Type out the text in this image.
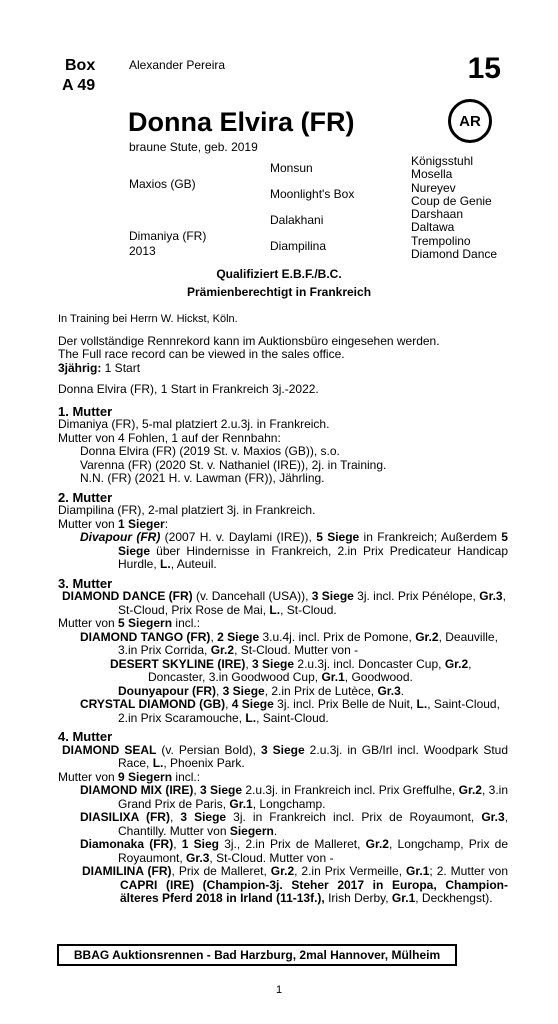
Box
A 49
Alexander Pereira	15
Donna Elvira (FR)	AR
braune Stute, geb. 2019
Maxios (GB)
Dimaniya (FR)
2013
Monsun
Moonlight's Box
Dalakhani
Diampilina
Königsstuhl
Mosella
Nureyev
Coup de Genie
Darshaan
Daltawa
Trempolino
Diamond Dance
Qualifiziert E.B.F./B.C.
Prämienberechtigt in Frankreich

In Training bei Herrn W. Hickst, Köln.

Der vollständige Rennrekord kann im Auktionsbüro eingesehen werden.

The Full race record can be viewed in the sales office.

3jährig: 1 Start

Donna Elvira (FR), 1 Start in Frankreich 3j.-2022.

1. Mutter

Dimaniya (FR), 5-mal platziert 2.u.3j. in Frankreich.

Mutter von 4 Fohlen, 1 auf der Rennbahn:

Donna Elvira (FR) (2019 St. v. Maxios (GB)), s.o.

Varenna (FR) (2020 St. v. Nathaniel (IRE)), 2j. in Training.

N.N. (FR) (2021 H. v. Lawman (FR)), Jährling.

2. Mutter

Diampilina (FR), 2-mal platziert 3j. in Frankreich.

Mutter von 1 Sieger:

Divapour (FR) (2007 H. v. Daylami (IRE)), 5 Siege in Frankreich; Außerdem 5 Siege über Hindernisse in Frankreich, 2.in Prix Predicateur Handicap Hurdle, L., Auteuil.

3. Mutter

DIAMOND DANCE (FR) (v. Dancehall (USA)), 3 Siege 3j. incl. Prix Pénélope, Gr.3, St-Cloud, Prix Rose de Mai, L., St-Cloud.

Mutter von 5 Siegern incl.:

DIAMOND TANGO (FR), 2 Siege 3.u.4j. incl. Prix de Pomone, Gr.2, Deauville, 3.in Prix Corrida, Gr.2, St-Cloud. Mutter von -

DESERT SKYLINE (IRE), 3 Siege 2.u.3j. incl. Doncaster Cup, Gr.2, Doncaster, 3.in Goodwood Cup, Gr.1, Goodwood.

Dounyapour (FR), 3 Siege, 2.in Prix de Lutèce, Gr.3.

CRYSTAL DIAMOND (GB), 4 Siege 3j. incl. Prix Belle de Nuit, L., Saint-Cloud, 2.in Prix Scaramouche, L., Saint-Cloud.

4. Mutter

DIAMOND SEAL (v. Persian Bold), 3 Siege 2.u.3j. in GB/Irl incl. Woodpark Stud Race, L., Phoenix Park.

Mutter von 9 Siegern incl.:

DIAMOND MIX (IRE), 3 Siege 2.u.3j. in Frankreich incl. Prix Greffulhe, Gr.2, 3.in Grand Prix de Paris, Gr.1, Longchamp.

DIASILIXA (FR), 3 Siege 3j. in Frankreich incl. Prix de Royaumont, Gr.3, Chantilly. Mutter von Siegern.

Diamonaka (FR), 1 Sieg 3j., 2.in Prix de Malleret, Gr.2, Longchamp, Prix de Royaumont, Gr.3, St-Cloud. Mutter von -

DIAMILINA (FR), Prix de Malleret, Gr.2, 2.in Prix Vermeille, Gr.1; 2. Mutter von CAPRI (IRE) (Champion-3j. Steher 2017 in Europa, Champion-älteres Pferd 2018 in Irland (11-13f.), Irish Derby, Gr.1, Deckhengst).

BBAG Auktionsrennen - Bad Harzburg, 2mal Hannover, Mülheim
1
